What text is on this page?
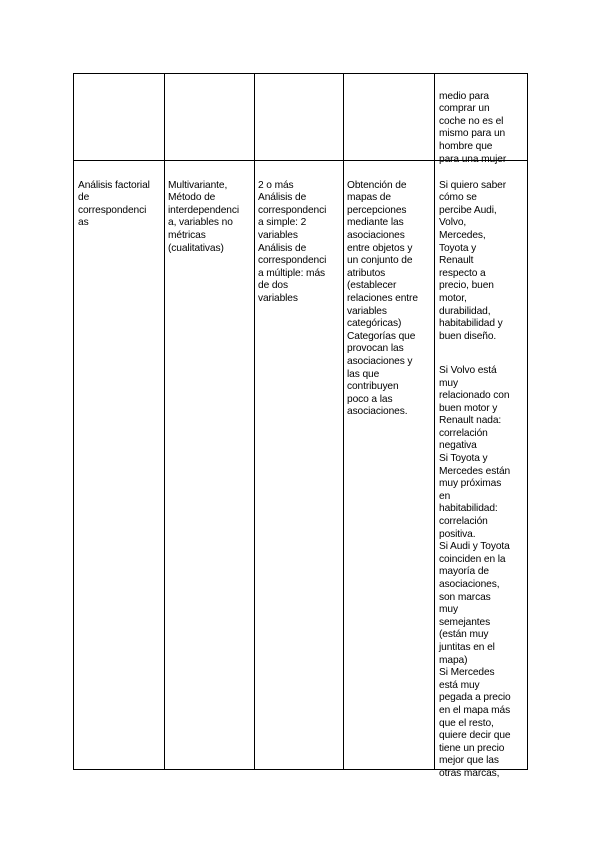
medio para
comprar un
coche no es el
mismo para un
hombre que
para una mujer

Análisis factorial
de
correspondenci
as

Multivariante,
Método de
interdependenci
a, variables no
métricas
(cualitativas)

2 o más
Análisis de
correspondenci
a simple: 2
variables
Análisis de
correspondenci
a múltiple: más
de dos
variables

Obtención de
mapas de
percepciones
mediante las
asociaciones
entre objetos y
un conjunto de
atributos
(establecer
relaciones entre
variables
categóricas)
Categorías que
provocan las
asociaciones y
las que
contribuyen
poco a las
asociaciones.

Si quiero saber
cómo se
percibe Audi,
Volvo,
Mercedes,
Toyota y
Renault
respecto a
precio, buen
motor,
durabilidad,
habitabilidad y
buen diseño.

Si Volvo está
muy
relacionado con
buen motor y
Renault nada:
correlación
negativa
Si Toyota y
Mercedes están
muy próximas
en
habitabilidad:
correlación
positiva.
Si Audi y Toyota
coinciden en la
mayoría de
asociaciones,
son marcas
muy
semejantes
(están muy
juntitas en el
mapa)
Si Mercedes
está muy
pegada a precio
en el mapa más
que el resto,
quiere decir que
tiene un precio
mejor que las
otras marcas,
